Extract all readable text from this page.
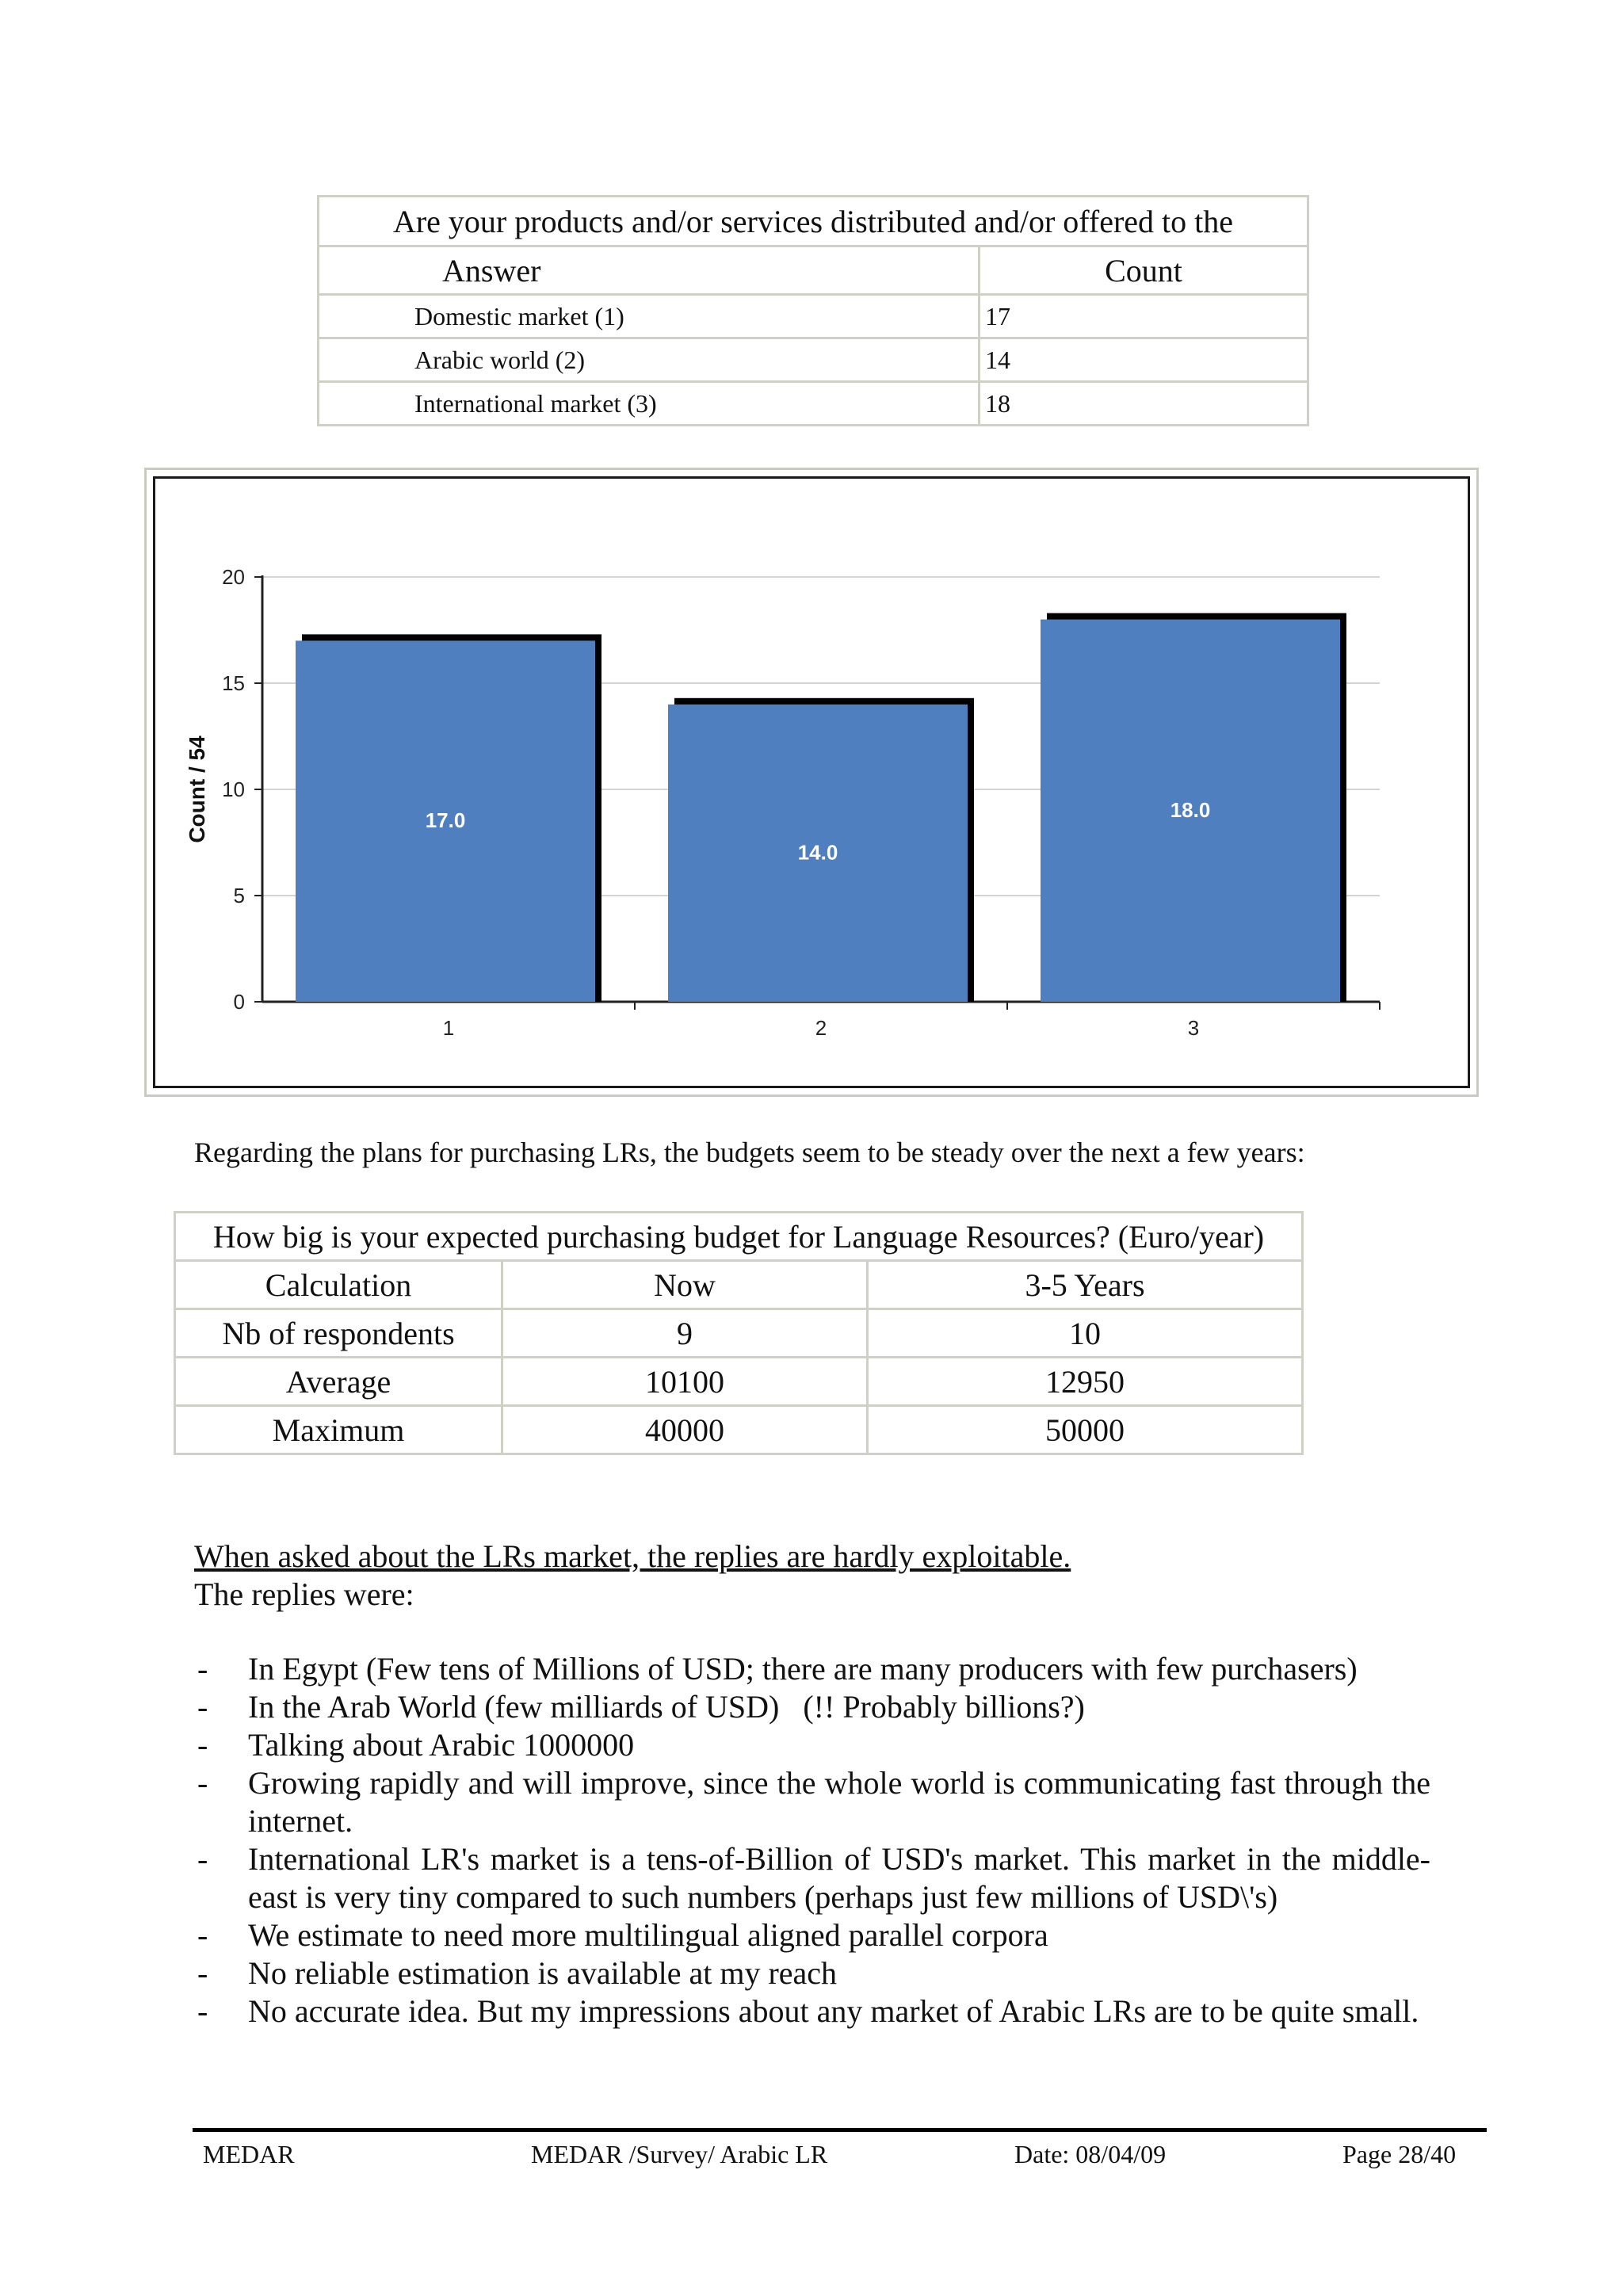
Are your products and/or services distributed and/or offered to the	
Answer	Count
Domestic market (1)	17
Arabic world (2)	14
International market (3)	18
0
5
10
15
20
Count / 54	17.0
1
14.0
2
18.0
3
Regarding the plans for purchasing LRs, the budgets seem to be steady over the next a few years:
How big is your expected purchasing budget for Language Resources? (Euro/year)		
Calculation	Now	3-5 Years
Nb of respondents	9	10
Average	10100	12950
Maximum	40000	50000
When asked about the LRs market, the replies are hardly exploitable.
The replies were:
- In Egypt (Few tens of Millions of USD; there are many producers with few purchasers)
- In the Arab World (few milliards of USD)   (!! Probably billions?)
- Talking about Arabic 1000000
- Growing rapidly and will improve, since the whole world is communicating fast through the internet.
- International LR's market is a tens-of-Billion of USD's market. This market in the middle-east is very tiny compared to such numbers (perhaps just few millions of USD\'s)
- We estimate to need more multilingual aligned parallel corpora
- No reliable estimation is available at my reach
- No accurate idea. But my impressions about any market of Arabic LRs are to be quite small.
MEDAR	MEDAR /Survey/ Arabic LR	Date: 08/04/09	Page 28/40
